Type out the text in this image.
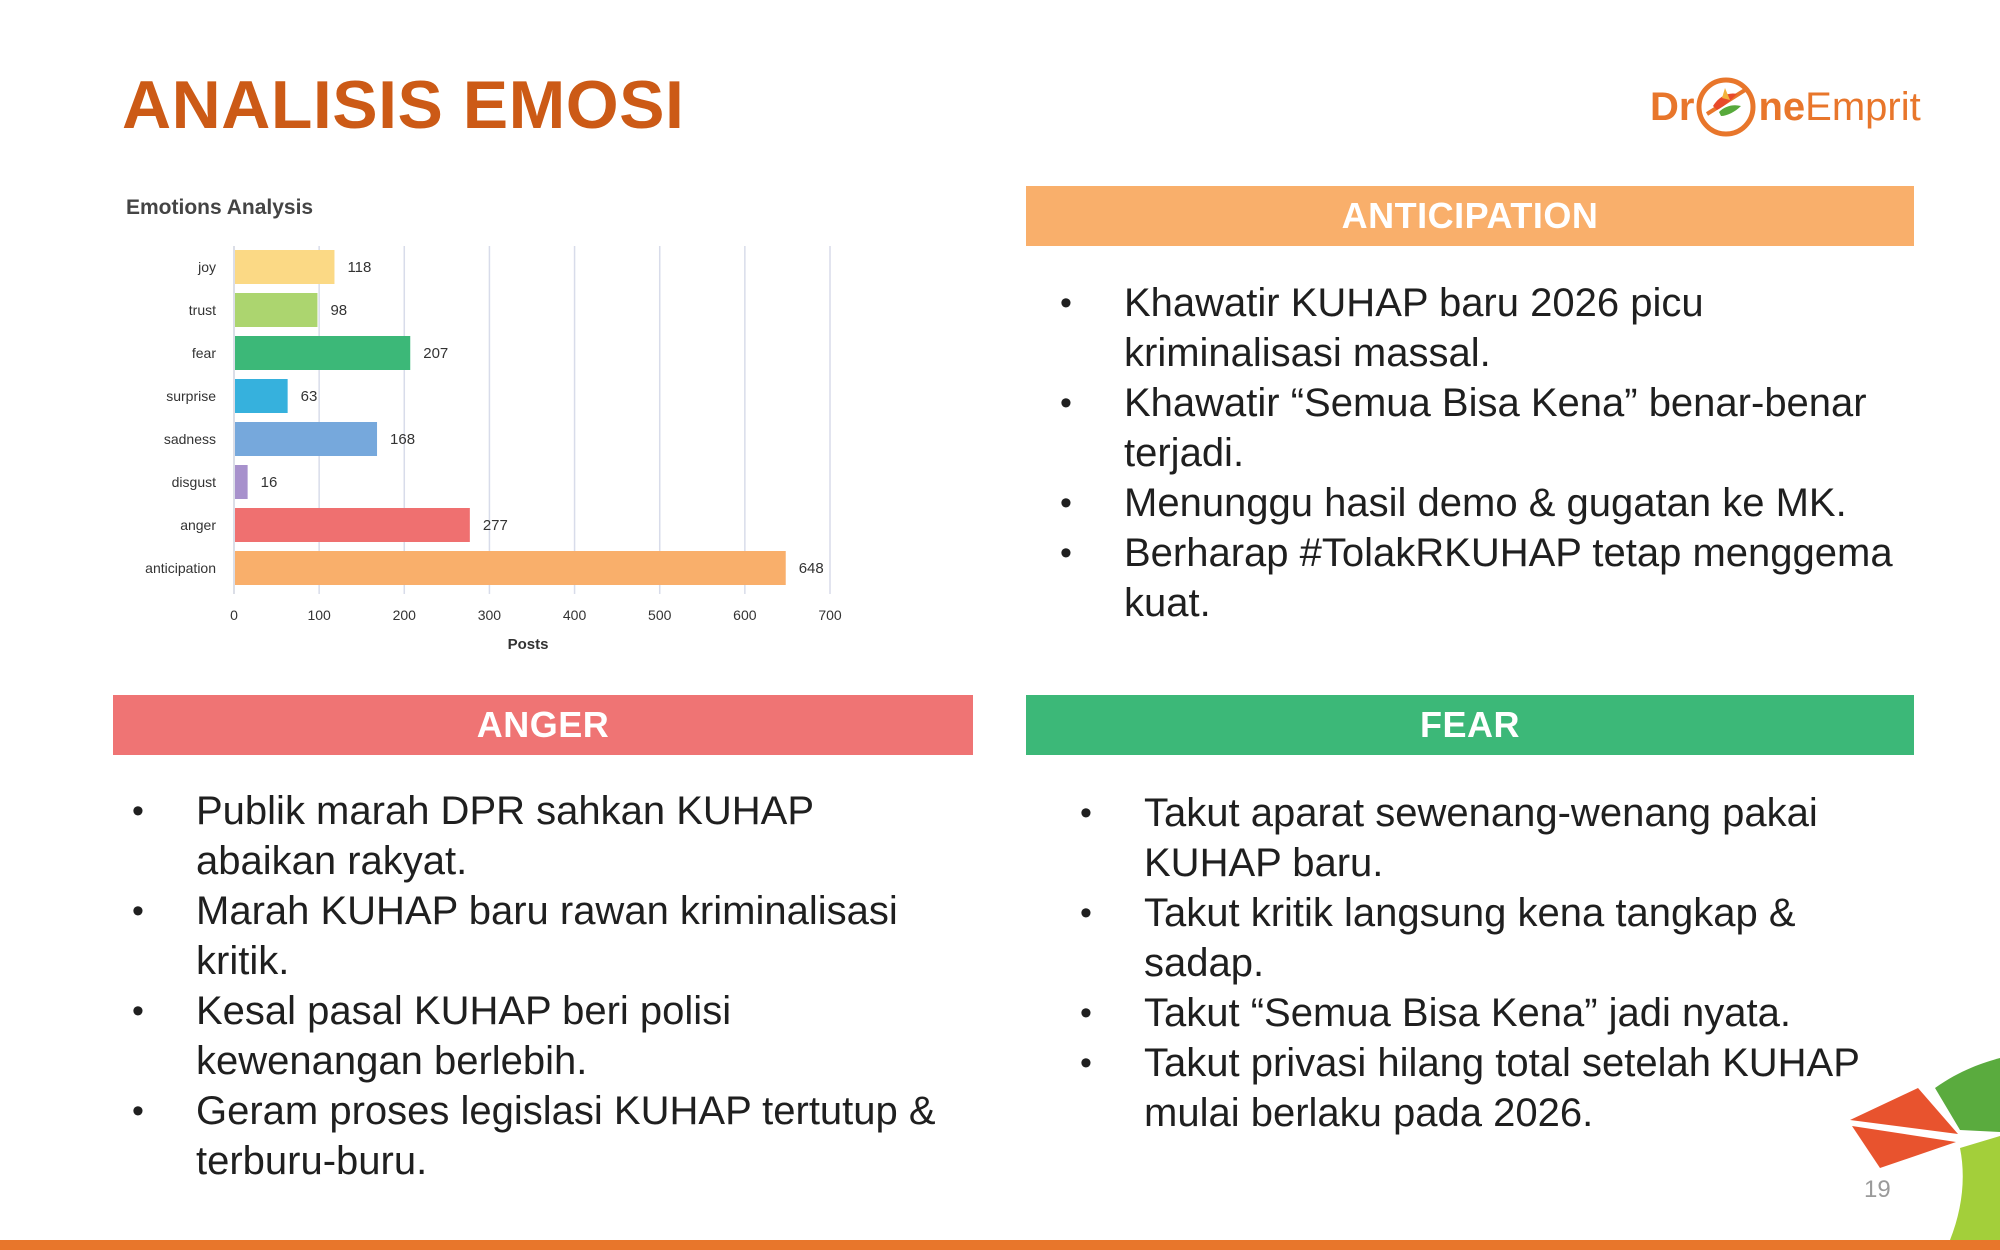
ANALISIS EMOSI	Dr ne Emprit
Emotions Analysis
joy	118
trust	98
fear	207
surprise	63
sadness	168
disgust	16
anger	277
anticipation	648
0	100	200	300	400	500	600	700
Posts
ANTICIPATION
• Khawatir KUHAP baru 2026 picu kriminalisasi massal.
• Khawatir “Semua Bisa Kena” benar-benar terjadi.
• Menunggu hasil demo & gugatan ke MK.
• Berharap #TolakRKUHAP tetap menggema kuat.
ANGER
• Publik marah DPR sahkan KUHAP abaikan rakyat.
• Marah KUHAP baru rawan kriminalisasi kritik.
• Kesal pasal KUHAP beri polisi kewenangan berlebih.
• Geram proses legislasi KUHAP tertutup & terburu-buru.
FEAR
• Takut aparat sewenang-wenang pakai KUHAP baru.
• Takut kritik langsung kena tangkap & sadap.
• Takut “Semua Bisa Kena” jadi nyata.
• Takut privasi hilang total setelah KUHAP mulai berlaku pada 2026.
19
